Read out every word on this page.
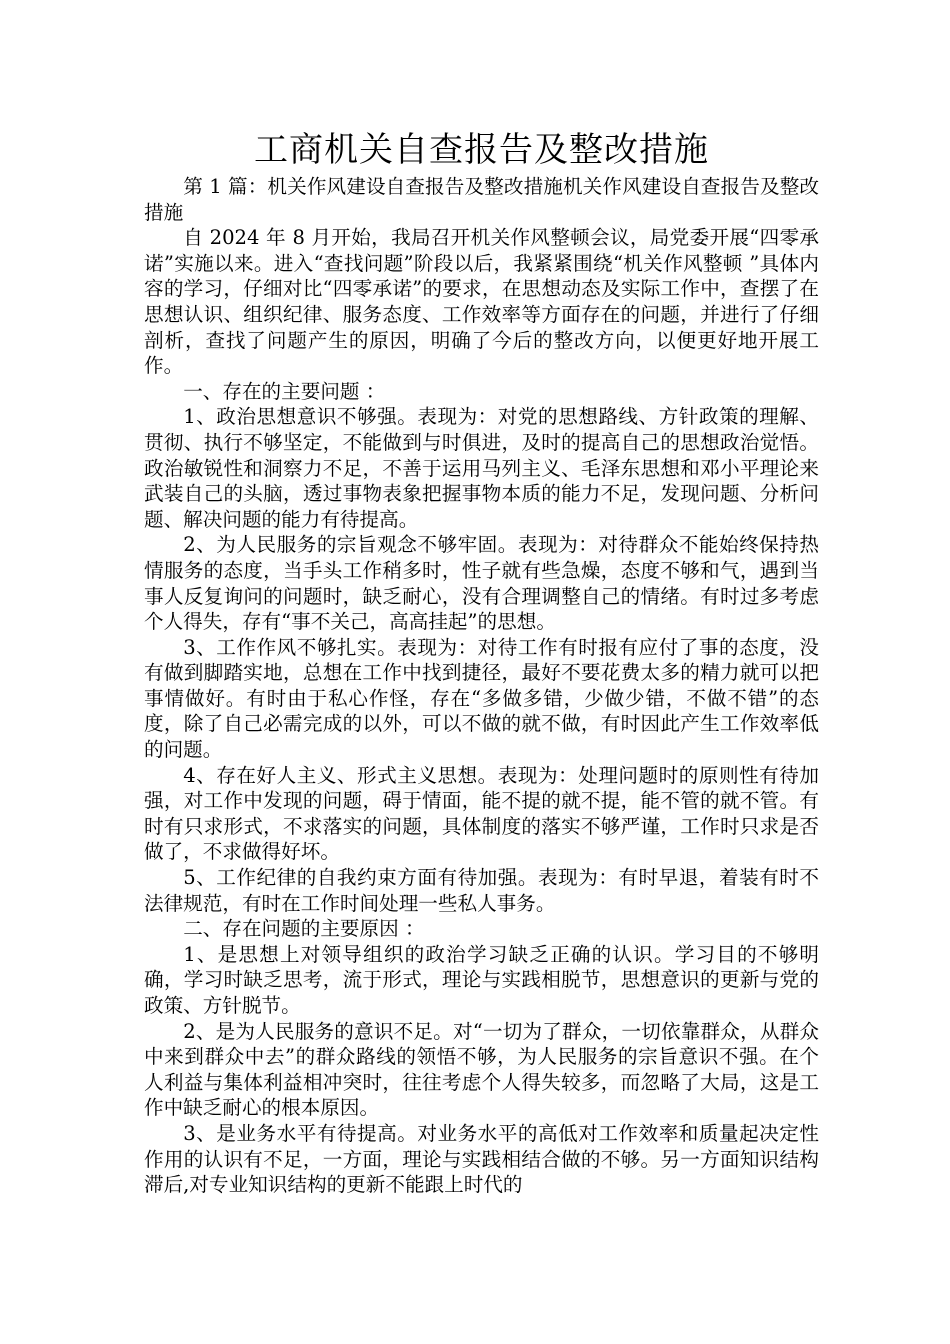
工商机关自查报告及整改措施

第 1 篇：机关作风建设自查报告及整改措施机关作风建设自查报告及整改措施

自 2024 年 8 月开始，我局召开机关作风整顿会议，局党委开展“四零承诺”实施以来。进入“查找问题”阶段以后，我紧紧围绕“机关作风整顿 ”具体内容的学习，仔细对比“四零承诺”的要求，在思想动态及实际工作中，查摆了在思想认识、组织纪律、服务态度、工作效率等方面存在的问题，并进行了仔细剖析，查找了问题产生的原因，明确了今后的整改方向，以便更好地开展工作。

一、存在的主要问题 ：

1、政治思想意识不够强。表现为：对党的思想路线、方针政策的理解、贯彻、执行不够坚定，不能做到与时俱进，及时的提高自己的思想政治觉悟。政治敏锐性和洞察力不足，不善于运用马列主义、毛泽东思想和邓小平理论来武装自己的头脑，透过事物表象把握事物本质的能力不足，发现问题、分析问题、解决问题的能力有待提高。

2、为人民服务的宗旨观念不够牢固。表现为：对待群众不能始终保持热情服务的态度，当手头工作稍多时，性子就有些急燥，态度不够和气，遇到当事人反复询问的问题时，缺乏耐心，没有合理调整自己的情绪。有时过多考虑个人得失，存有“事不关己，高高挂起”的思想。

3、工作作风不够扎实。表现为：对待工作有时报有应付了事的态度，没有做到脚踏实地，总想在工作中找到捷径，最好不要花费太多的精力就可以把事情做好。有时由于私心作怪，存在“多做多错，少做少错，不做不错”的态度，除了自己必需完成的以外，可以不做的就不做，有时因此产生工作效率低的问题。

4、存在好人主义、形式主义思想。表现为：处理问题时的原则性有待加强，对工作中发现的问题，碍于情面，能不提的就不提，能不管的就不管。有时有只求形式，不求落实的问题，具体制度的落实不够严谨，工作时只求是否做了，不求做得好坏。

5、工作纪律的自我约束方面有待加强。表现为：有时早退，着装有时不法律规范，有时在工作时间处理一些私人事务。

二、存在问题的主要原因 ：

1、是思想上对领导组织的政治学习缺乏正确的认识。学习目的不够明确，学习时缺乏思考，流于形式，理论与实践相脱节，思想意识的更新与党的政策、方针脱节。

2、是为人民服务的意识不足。对“一切为了群众，一切依靠群众，从群众中来到群众中去”的群众路线的领悟不够，为人民服务的宗旨意识不强。在个人利益与集体利益相冲突时，往往考虑个人得失较多，而忽略了大局，这是工作中缺乏耐心的根本原因。

3、是业务水平有待提高。对业务水平的高低对工作效率和质量起决定性作用的认识有不足，一方面，理论与实践相结合做的不够。另一方面知识结构滞后,对专业知识结构的更新不能跟上时代的
